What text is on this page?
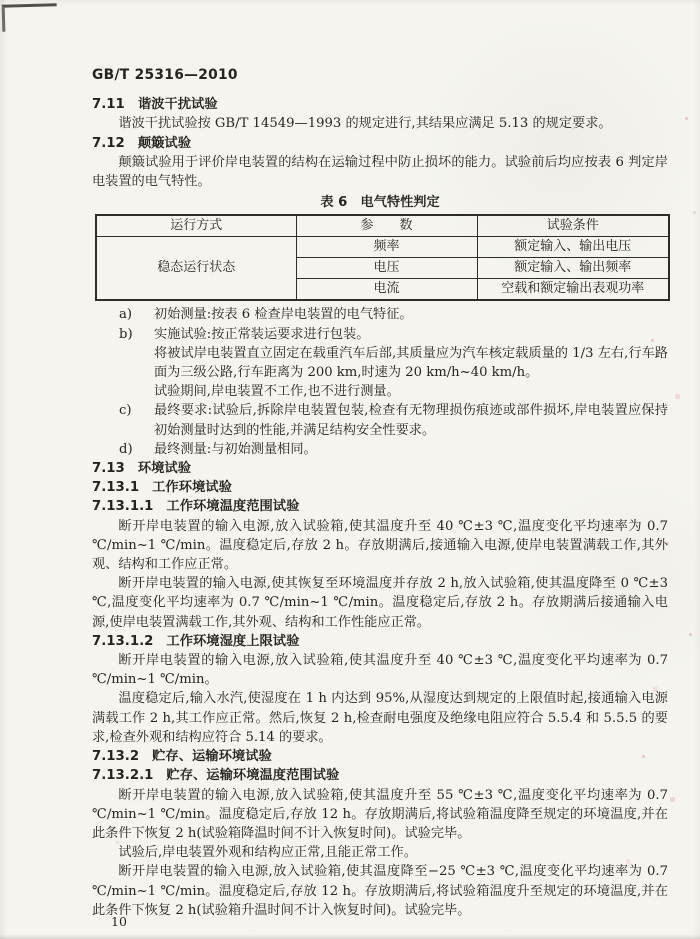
GB/T 25316—2010
7.11 谐波干扰试验

谐波干扰试验按 GB/T 14549—1993 的规定进行,其结果应满足 5.13 的规定要求。

7.12 颠簸试验

颠簸试验用于评价岸电装置的结构在运输过程中防止损坏的能力。试验前后均应按表 6 判定岸电装置的电气特性。

表 6　电气特性判定
运行方式	参　　数	试验条件
稳态运行状态	频率	额定输入、输出电压
	电压	额定输入、输出频率
	电流	空载和额定输出表观功率
a) 初始测量:按表 6 检查岸电装置的电气特征。
b) 实施试验:按正常装运要求进行包装。

将被试岸电装置直立固定在载重汽车后部,其质量应为汽车核定载质量的 1/3 左右,行车路面为三级公路,行车距离为 200 km,时速为 20 km/h~40 km/h。

试验期间,岸电装置不工作,也不进行测量。

c) 最终要求:试验后,拆除岸电装置包装,检查有无物理损伤痕迹或部件损坏,岸电装置应保持初始测量时达到的性能,并满足结构安全性要求。
d) 最终测量:与初始测量相同。
7.13 环境试验
7.13.1 工作环境试验
7.13.1.1 工作环境温度范围试验

断开岸电装置的输入电源,放入试验箱,使其温度升至 40 ℃±3 ℃,温度变化平均速率为 0.7 ℃/min~1 ℃/min。温度稳定后,存放 2 h。存放期满后,接通输入电源,使岸电装置满载工作,其外观、结构和工作应正常。

断开岸电装置的输入电源,使其恢复至环境温度并存放 2 h,放入试验箱,使其温度降至 0 ℃±3 ℃,温度变化平均速率为 0.7 ℃/min~1 ℃/min。温度稳定后,存放 2 h。存放期满后接通输入电源,使岸电装置满载工作,其外观、结构和工作性能应正常。

7.13.1.2 工作环境湿度上限试验

断开岸电装置的输入电源,放入试验箱,使其温度升至 40 ℃±3 ℃,温度变化平均速率为 0.7 ℃/min~1 ℃/min。

温度稳定后,输入水汽,使湿度在 1 h 内达到 95%,从湿度达到规定的上限值时起,接通输入电源满载工作 2 h,其工作应正常。然后,恢复 2 h,检查耐电强度及绝缘电阻应符合 5.5.4 和 5.5.5 的要求,检查外观和结构应符合 5.14 的要求。

7.13.2 贮存、运输环境试验
7.13.2.1 贮存、运输环境温度范围试验

断开岸电装置的输入电源,放入试验箱,使其温度升至 55 ℃±3 ℃,温度变化平均速率为 0.7 ℃/min~1 ℃/min。温度稳定后,存放 12 h。存放期满后,将试验箱温度降至规定的环境温度,并在此条件下恢复 2 h(试验箱降温时间不计入恢复时间)。试验完毕。

试验后,岸电装置外观和结构应正常,且能正常工作。

断开岸电装置的输入电源,放入试验箱,使其温度降至−25 ℃±3 ℃,温度变化平均速率为 0.7 ℃/min~1 ℃/min。温度稳定后,存放 12 h。存放期满后,将试验箱温度升至规定的环境温度,并在此条件下恢复 2 h(试验箱升温时间不计入恢复时间)。试验完毕。

10
